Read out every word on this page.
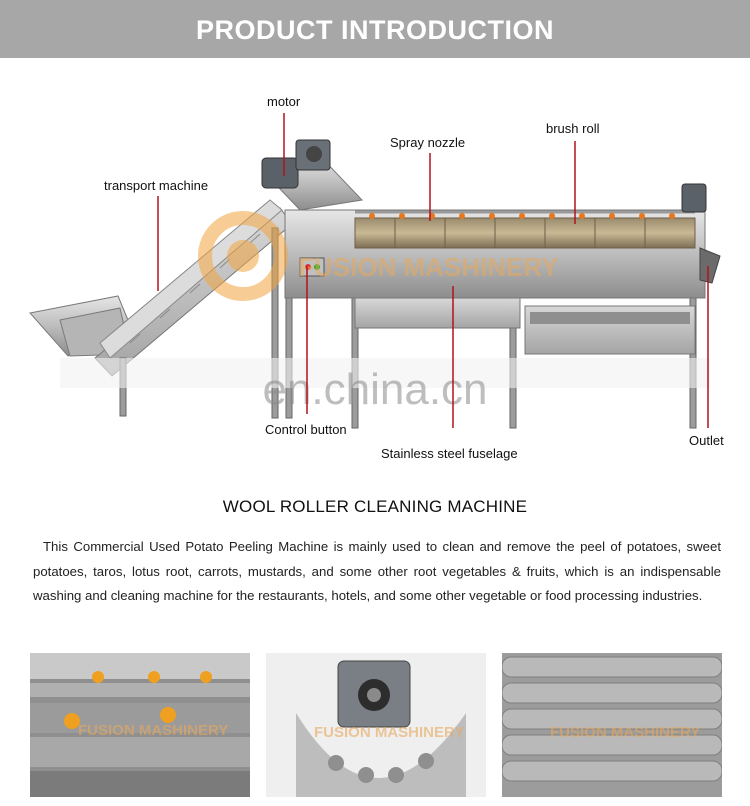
PRODUCT INTRODUCTION
FUSION MASHINERY
en.china.cn
motor
transport machine
Spray nozzle
brush roll
Control button
Stainless steel fuselage
Outlet
WOOL ROLLER CLEANING MACHINE
This Commercial Used Potato Peeling Machine is mainly used to clean and remove the peel of potatoes, sweet potatoes, taros, lotus root, carrots, mustards, and some other root vegetables & fruits, which is an indispensable washing and cleaning machine for the restaurants, hotels, and some other vegetable or food processing industries.
FUSION MASHINERY	FUSION MASHINERY	FUSION MASHINERY
